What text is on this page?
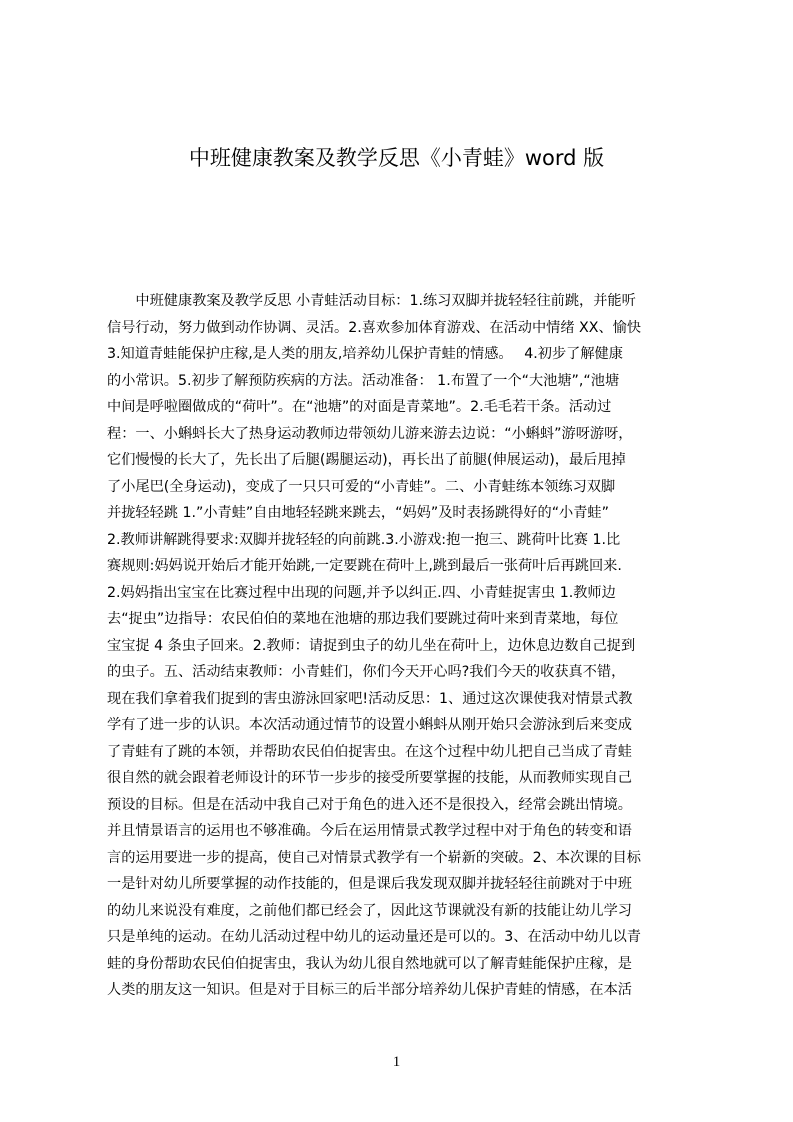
中班健康教案及教学反思《小青蛙》word 版
　　中班健康教案及教学反思 小青蛙活动目标：1.练习双脚并拢轻轻往前跳，并能听
信号行动，努力做到动作协调、灵活。2.喜欢参加体育游戏、在活动中情绪 XX、愉快
3.知道青蛙能保护庄稼,是人类的朋友,培养幼儿保护青蛙的情感。　 4.初步了解健康
的小常识。5.初步了解预防疾病的方法。活动准备： 1.布置了一个“大池塘”,“池塘
中间是呼啦圈做成的“荷叶”。在“池塘”的对面是青菜地”。2.毛毛若干条。活动过
程：一、小蝌蚪长大了热身运动教师边带领幼儿游来游去边说：“小蝌蚪”游呀游呀，
它们慢慢的长大了，先长出了后腿(踢腿运动)，再长出了前腿(伸展运动)，最后甩掉
了小尾巴(全身运动)，变成了一只只可爱的“小青蛙”。二、小青蛙练本领练习双脚
并拢轻轻跳 1.”小青蛙”自由地轻轻跳来跳去，“妈妈”及时表扬跳得好的“小青蛙”
2.教师讲解跳得要求:双脚并拢轻轻的向前跳.3.小游戏:抱一抱三、跳荷叶比赛 1.比
赛规则:妈妈说开始后才能开始跳,一定要跳在荷叶上,跳到最后一张荷叶后再跳回来.
2.妈妈指出宝宝在比赛过程中出现的问题,并予以纠正.四、小青蛙捉害虫 1.教师边
去“捉虫”边指导：农民伯伯的菜地在池塘的那边我们要跳过荷叶来到青菜地，每位
宝宝捉 4 条虫子回来。2.教师：请捉到虫子的幼儿坐在荷叶上，边休息边数自己捉到
的虫子。五、活动结束教师：小青蛙们，你们今天开心吗?我们今天的收获真不错，
现在我们拿着我们捉到的害虫游泳回家吧!活动反思：1、通过这次课使我对情景式教
学有了进一步的认识。本次活动通过情节的设置小蝌蚪从刚开始只会游泳到后来变成
了青蛙有了跳的本领，并帮助农民伯伯捉害虫。在这个过程中幼儿把自己当成了青蛙
很自然的就会跟着老师设计的环节一步步的接受所要掌握的技能，从而教师实现自己
预设的目标。但是在活动中我自己对于角色的进入还不是很投入，经常会跳出情境。
并且情景语言的运用也不够准确。今后在运用情景式教学过程中对于角色的转变和语
言的运用要进一步的提高，使自己对情景式教学有一个崭新的突破。2、本次课的目标
一是针对幼儿所要掌握的动作技能的，但是课后我发现双脚并拢轻轻往前跳对于中班
的幼儿来说没有难度，之前他们都已经会了，因此这节课就没有新的技能让幼儿学习
只是单纯的运动。在幼儿活动过程中幼儿的运动量还是可以的。3、在活动中幼儿以青
蛙的身份帮助农民伯伯捉害虫，我认为幼儿很自然地就可以了解青蛙能保护庄稼，是
人类的朋友这一知识。但是对于目标三的后半部分培养幼儿保护青蛙的情感，在本活
1
